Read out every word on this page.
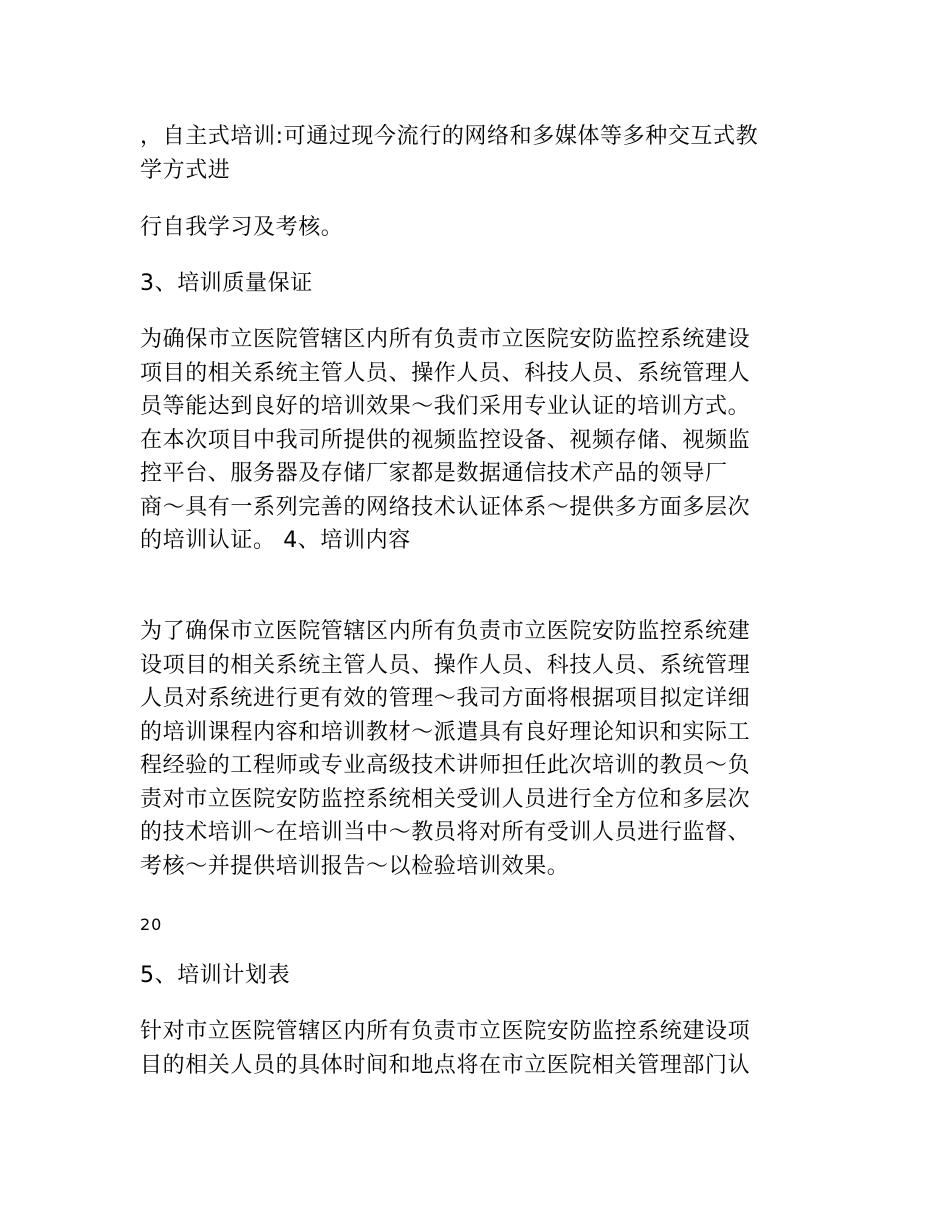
，自主式培训:可通过现今流行的网络和多媒体等多种交互式教
学方式进
行自我学习及考核。
3、培训质量保证
为确保市立医院管辖区内所有负责市立医院安防监控系统建设
项目的相关系统主管人员、操作人员、科技人员、系统管理人
员等能达到良好的培训效果～我们采用专业认证的培训方式。
在本次项目中我司所提供的视频监控设备、视频存储、视频监
控平台、服务器及存储厂家都是数据通信技术产品的领导厂
商～具有一系列完善的网络技术认证体系～提供多方面多层次
的培训认证。 4、培训内容
为了确保市立医院管辖区内所有负责市立医院安防监控系统建
设项目的相关系统主管人员、操作人员、科技人员、系统管理
人员对系统进行更有效的管理～我司方面将根据项目拟定详细
的培训课程内容和培训教材～派遣具有良好理论知识和实际工
程经验的工程师或专业高级技术讲师担任此次培训的教员～负
责对市立医院安防监控系统相关受训人员进行全方位和多层次
的技术培训～在培训当中～教员将对所有受训人员进行监督、
考核～并提供培训报告～以检验培训效果。
20
5、培训计划表
针对市立医院管辖区内所有负责市立医院安防监控系统建设项
目的相关人员的具体时间和地点将在市立医院相关管理部门认
